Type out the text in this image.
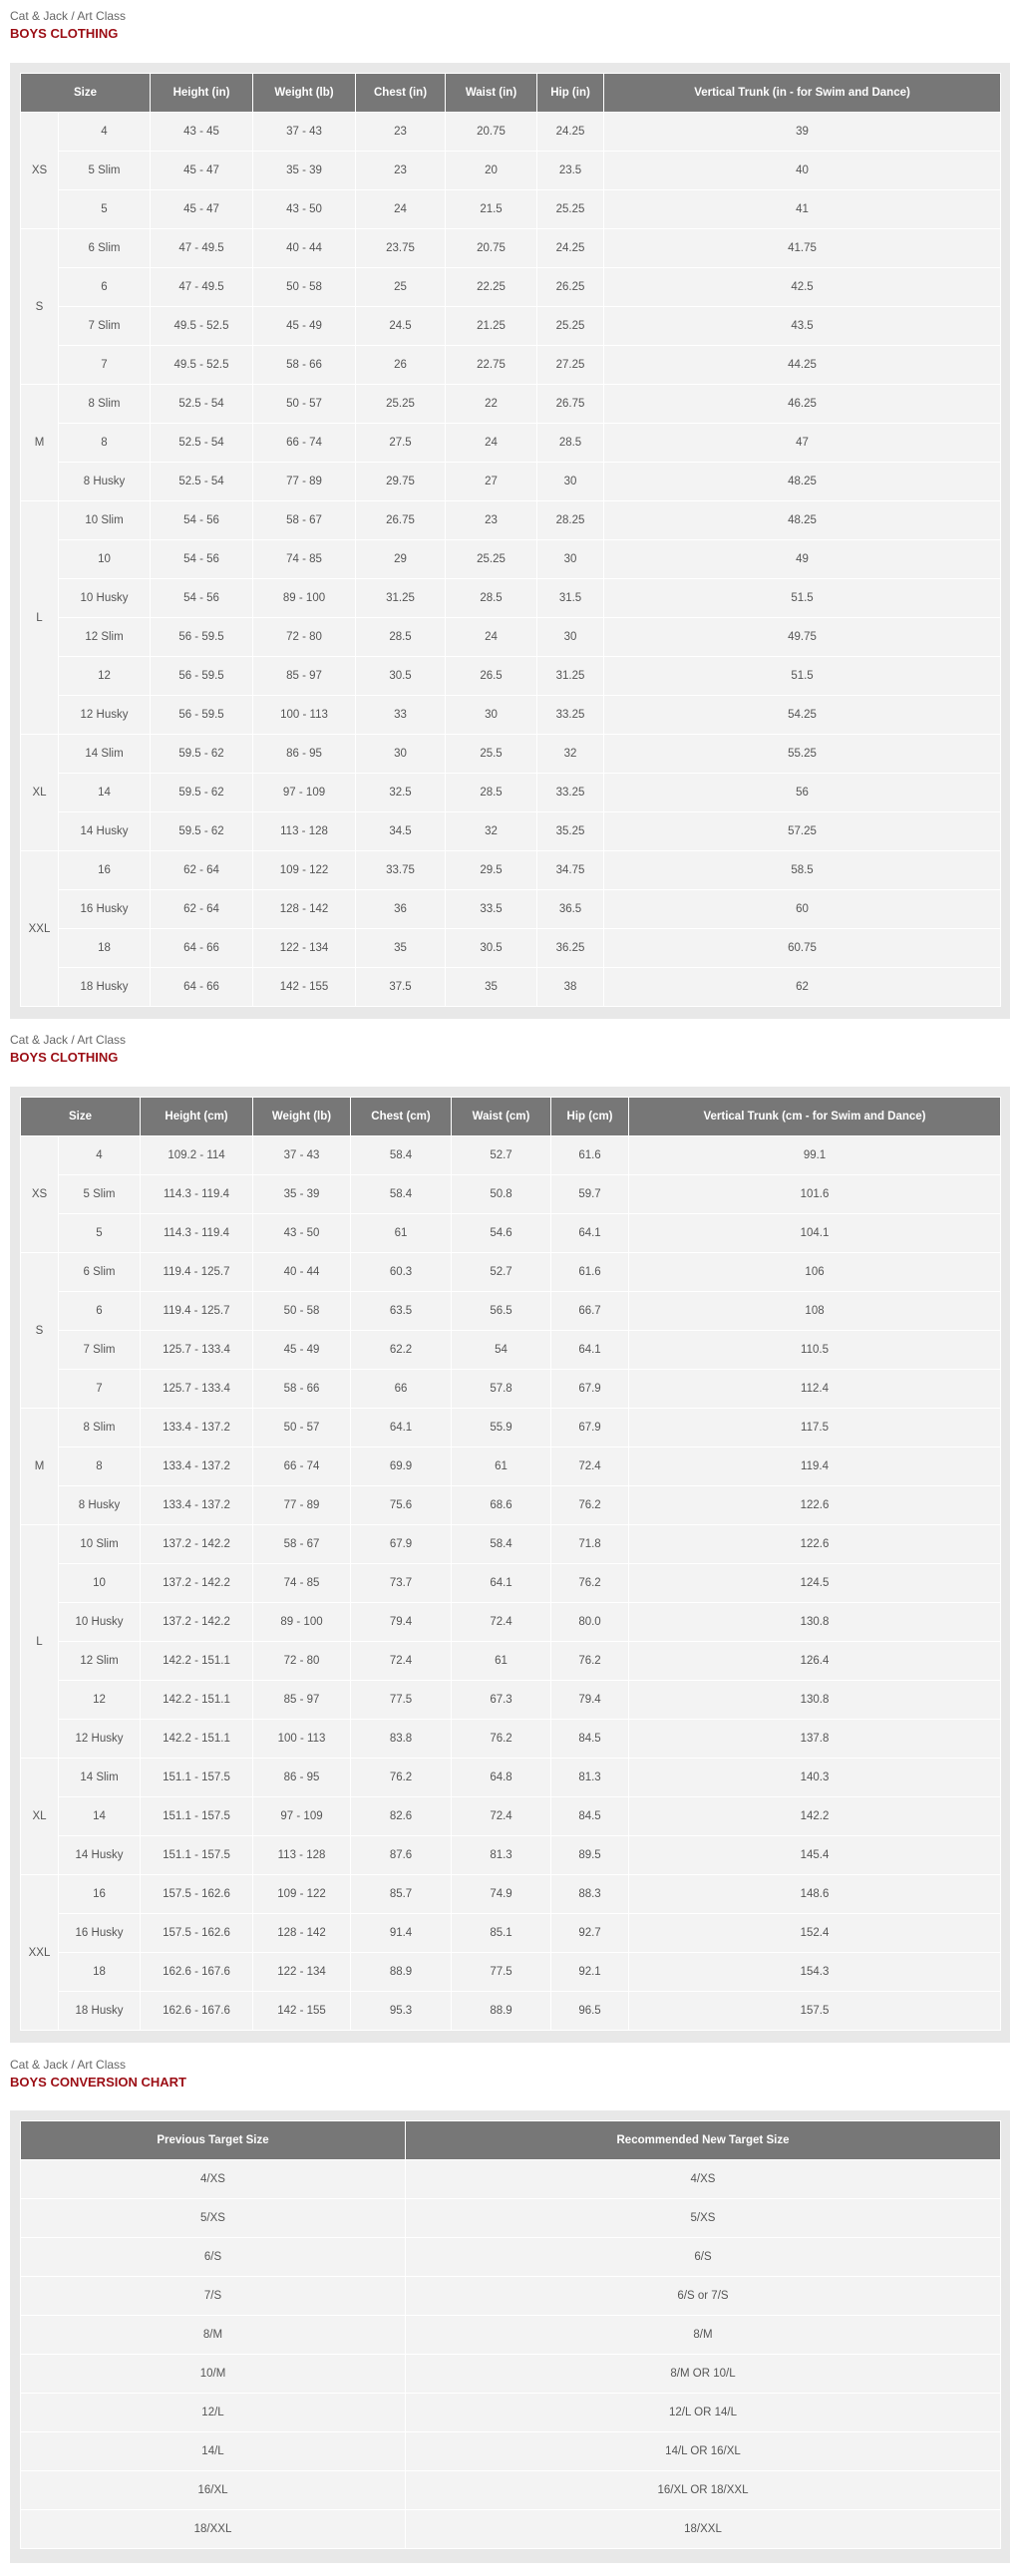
Cat & Jack / Art Class
BOYS CLOTHING
Size		Height (in)	Weight (lb)	Chest (in)	Waist (in)	Hip (in)	Vertical Trunk (in - for Swim and Dance)
XS	4	43 - 45	37 - 43	23	20.75	24.25	39
	5 Slim	45 - 47	35 - 39	23	20	23.5	40
	5	45 - 47	43 - 50	24	21.5	25.25	41
S	6 Slim	47 - 49.5	40 - 44	23.75	20.75	24.25	41.75
	6	47 - 49.5	50 - 58	25	22.25	26.25	42.5
	7 Slim	49.5 - 52.5	45 - 49	24.5	21.25	25.25	43.5
	7	49.5 - 52.5	58 - 66	26	22.75	27.25	44.25
M	8 Slim	52.5 - 54	50 - 57	25.25	22	26.75	46.25
	8	52.5 - 54	66 - 74	27.5	24	28.5	47
	8 Husky	52.5 - 54	77 - 89	29.75	27	30	48.25
L	10 Slim	54 - 56	58 - 67	26.75	23	28.25	48.25
	10	54 - 56	74 - 85	29	25.25	30	49
	10 Husky	54 - 56	89 - 100	31.25	28.5	31.5	51.5
	12 Slim	56 - 59.5	72 - 80	28.5	24	30	49.75
	12	56 - 59.5	85 - 97	30.5	26.5	31.25	51.5
	12 Husky	56 - 59.5	100 - 113	33	30	33.25	54.25
XL	14 Slim	59.5 - 62	86 - 95	30	25.5	32	55.25
	14	59.5 - 62	97 - 109	32.5	28.5	33.25	56
	14 Husky	59.5 - 62	113 - 128	34.5	32	35.25	57.25
XXL	16	62 - 64	109 - 122	33.75	29.5	34.75	58.5
	16 Husky	62 - 64	128 - 142	36	33.5	36.5	60
	18	64 - 66	122 - 134	35	30.5	36.25	60.75
	18 Husky	64 - 66	142 - 155	37.5	35	38	62
Cat & Jack / Art Class
BOYS CLOTHING
Size		Height (cm)	Weight (lb)	Chest (cm)	Waist (cm)	Hip (cm)	Vertical Trunk (cm - for Swim and Dance)
XS	4	109.2 - 114	37 - 43	58.4	52.7	61.6	99.1
	5 Slim	114.3 - 119.4	35 - 39	58.4	50.8	59.7	101.6
	5	114.3 - 119.4	43 - 50	61	54.6	64.1	104.1
S	6 Slim	119.4 - 125.7	40 - 44	60.3	52.7	61.6	106
	6	119.4 - 125.7	50 - 58	63.5	56.5	66.7	108
	7 Slim	125.7 - 133.4	45 - 49	62.2	54	64.1	110.5
	7	125.7 - 133.4	58 - 66	66	57.8	67.9	112.4
M	8 Slim	133.4 - 137.2	50 - 57	64.1	55.9	67.9	117.5
	8	133.4 - 137.2	66 - 74	69.9	61	72.4	119.4
	8 Husky	133.4 - 137.2	77 - 89	75.6	68.6	76.2	122.6
L	10 Slim	137.2 - 142.2	58 - 67	67.9	58.4	71.8	122.6
	10	137.2 - 142.2	74 - 85	73.7	64.1	76.2	124.5
	10 Husky	137.2 - 142.2	89 - 100	79.4	72.4	80.0	130.8
	12 Slim	142.2 - 151.1	72 - 80	72.4	61	76.2	126.4
	12	142.2 - 151.1	85 - 97	77.5	67.3	79.4	130.8
	12 Husky	142.2 - 151.1	100 - 113	83.8	76.2	84.5	137.8
XL	14 Slim	151.1 - 157.5	86 - 95	76.2	64.8	81.3	140.3
	14	151.1 - 157.5	97 - 109	82.6	72.4	84.5	142.2
	14 Husky	151.1 - 157.5	113 - 128	87.6	81.3	89.5	145.4
XXL	16	157.5 - 162.6	109 - 122	85.7	74.9	88.3	148.6
	16 Husky	157.5 - 162.6	128 - 142	91.4	85.1	92.7	152.4
	18	162.6 - 167.6	122 - 134	88.9	77.5	92.1	154.3
	18 Husky	162.6 - 167.6	142 - 155	95.3	88.9	96.5	157.5
Cat & Jack / Art Class
BOYS CONVERSION CHART
Previous Target Size	Recommended New Target Size
4/XS	4/XS
5/XS	5/XS
6/S	6/S
7/S	6/S or 7/S
8/M	8/M
10/M	8/M OR 10/L
12/L	12/L OR 14/L
14/L	14/L OR 16/XL
16/XL	16/XL OR 18/XXL
18/XXL	18/XXL
